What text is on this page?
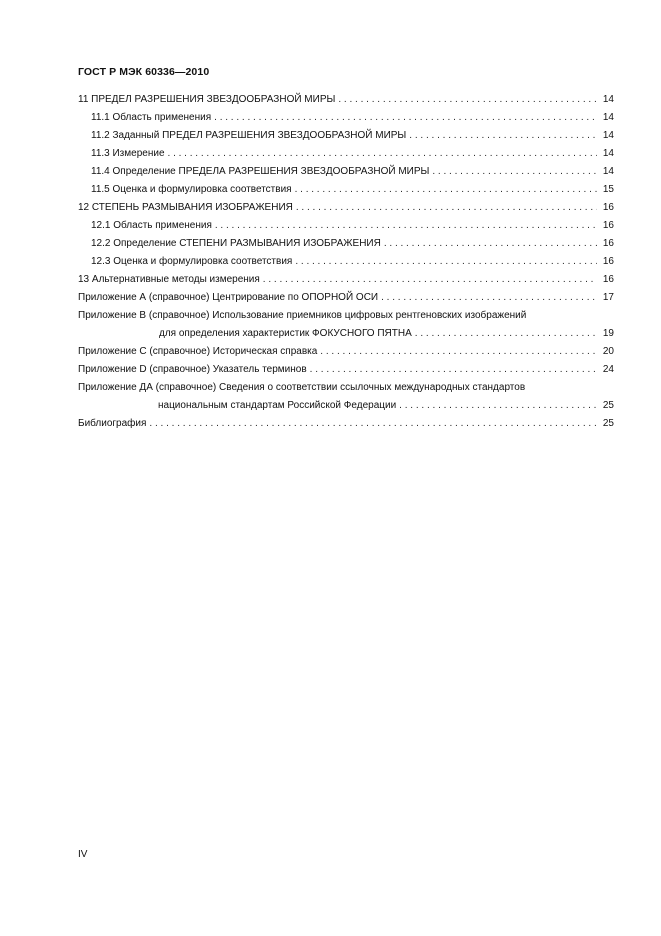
ГОСТ Р МЭК 60336—2010
11 ПРЕДЕЛ РАЗРЕШЕНИЯ ЗВЕЗДООБРАЗНОЙ МИРЫ . . .	14
11.1 Область применения . . .	14
11.2 Заданный ПРЕДЕЛ РАЗРЕШЕНИЯ ЗВЕЗДООБРАЗНОЙ МИРЫ . . .	14
11.3 Измерение . . .	14
11.4 Определение ПРЕДЕЛА РАЗРЕШЕНИЯ ЗВЕЗДООБРАЗНОЙ МИРЫ . . .	14
11.5 Оценка и формулировка соответствия . . .	15
12 СТЕПЕНЬ РАЗМЫВАНИЯ ИЗОБРАЖЕНИЯ . . .	16
12.1 Область применения . . .	16
12.2 Определение СТЕПЕНИ РАЗМЫВАНИЯ ИЗОБРАЖЕНИЯ . . .	16
12.3 Оценка и формулировка соответствия . . .	16
13 Альтернативные методы измерения . . .	16
Приложение А (справочное) Центрирование по ОПОРНОЙ ОСИ . . .	17
Приложение В (справочное) Использование приемников цифровых рентгеновских изображений
для определения характеристик ФОКУСНОГО ПЯТНА . . .	19
Приложение С (справочное) Историческая справка . . .	20
Приложение D (справочное) Указатель терминов . . .	24
Приложение ДА (справочное) Сведения о соответствии ссылочных международных стандартов
национальным стандартам Российской Федерации . . .	25
Библиография . . .	25
IV
